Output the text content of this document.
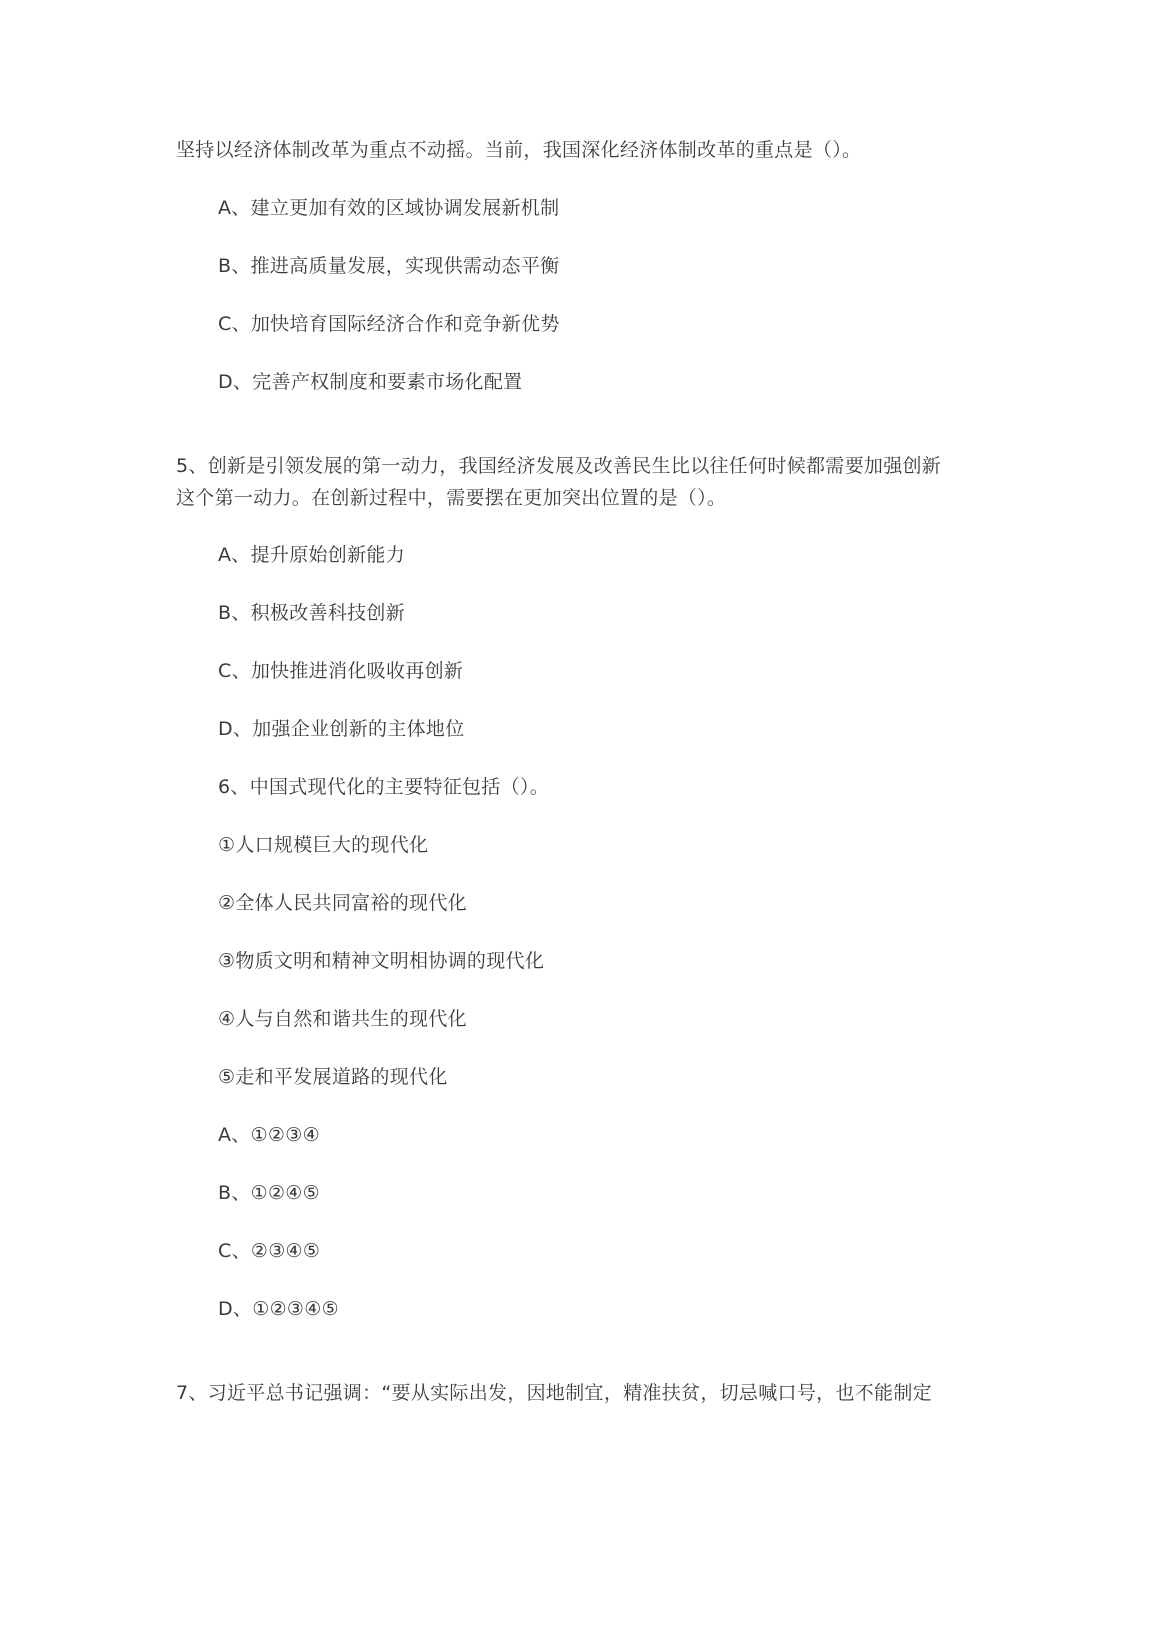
坚持以经济体制改革为重点不动摇。当前，我国深化经济体制改革的重点是（）。
A、建立更加有效的区域协调发展新机制
B、推进高质量发展，实现供需动态平衡
C、加快培育国际经济合作和竞争新优势
D、完善产权制度和要素市场化配置
5、创新是引领发展的第一动力，我国经济发展及改善民生比以往任何时候都需要加强创新
这个第一动力。在创新过程中，需要摆在更加突出位置的是（）。
A、提升原始创新能力
B、积极改善科技创新
C、加快推进消化吸收再创新
D、加强企业创新的主体地位
6、中国式现代化的主要特征包括（）。
①人口规模巨大的现代化
②全体人民共同富裕的现代化
③物质文明和精神文明相协调的现代化
④人与自然和谐共生的现代化
⑤走和平发展道路的现代化
A、①②③④
B、①②④⑤
C、②③④⑤
D、①②③④⑤
7、习近平总书记强调：“要从实际出发，因地制宜，精准扶贫，切忌喊口号，也不能制定
